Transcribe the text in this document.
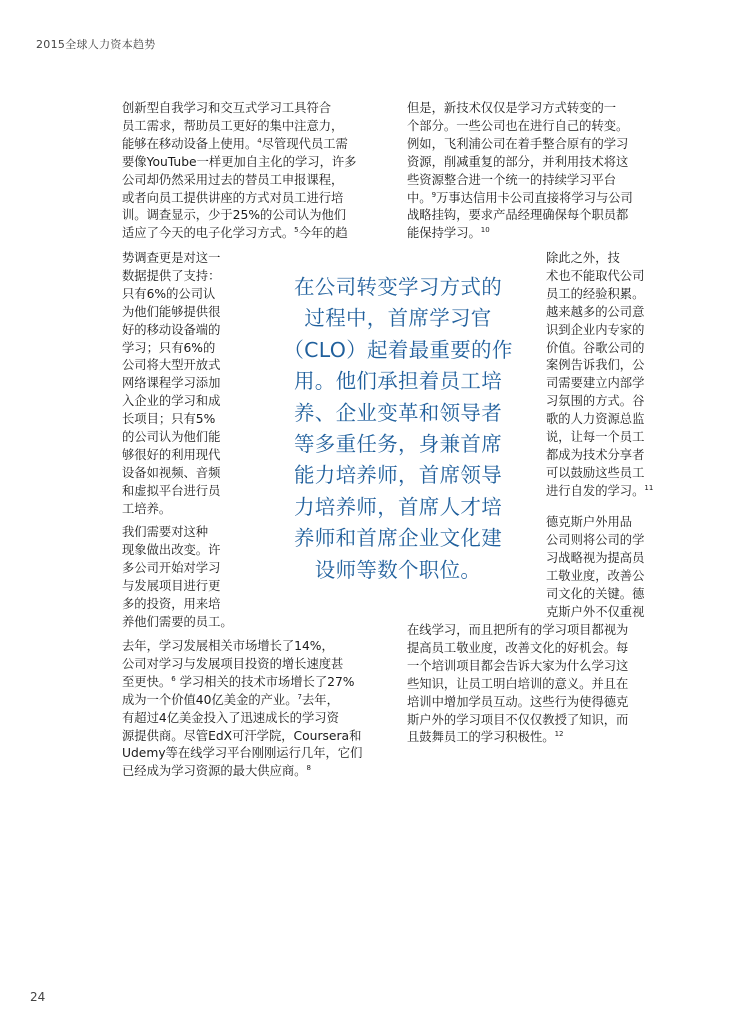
2015全球人力资本趋势

创新型自我学习和交互式学习工具符合
员工需求，帮助员工更好的集中注意力，
能够在移动设备上使用。$^4$尽管现代员工需
要像YouTube一样更加自主化的学习，许多
公司却仍然采用过去的替员工申报课程，
或者向员工提供讲座的方式对员工进行培
训。调查显示，少于25%的公司认为他们
适应了今天的电子化学习方式。$^5$今年的趋

势调查更是对这一
数据提供了支持：
只有6%的公司认
为他们能够提供很
好的移动设备端的
学习；只有6%的
公司将大型开放式
网络课程学习添加
入企业的学习和成
长项目；只有5%
的公司认为他们能
够很好的利用现代
设备如视频、音频
和虚拟平台进行员
工培养。

我们需要对这种
现象做出改变。许
多公司开始对学习
与发展项目进行更
多的投资，用来培
养他们需要的员工。

去年，学习发展相关市场增长了14%，
公司对学习与发展项目投资的增长速度甚
至更快。$^6$ 学习相关的技术市场增长了27%
成为一个价值40亿美金的产业。$^7$去年，
有超过4亿美金投入了迅速成长的学习资
源提供商。尽管EdX可汗学院，Coursera和
Udemy等在线学习平台刚刚运行几年，它们
已经成为学习资源的最大供应商。$^8$

但是，新技术仅仅是学习方式转变的一
个部分。一些公司也在进行自己的转变。
例如，飞利浦公司在着手整合原有的学习
资源，削减重复的部分，并利用技术将这
些资源整合进一个统一的持续学习平台
中。$^9$万事达信用卡公司直接将学习与公司
战略挂钩，要求产品经理确保每个职员都
能保持学习。$^{10}$

除此之外，技
术也不能取代公司
员工的经验积累。
越来越多的公司意
识到企业内专家的
价值。谷歌公司的
案例告诉我们，公
司需要建立内部学
习氛围的方式。谷
歌的人力资源总监
说，让每一个员工
都成为技术分享者
可以鼓励这些员工
进行自发的学习。$^{11}$

德克斯户外用品
公司则将公司的学
习战略视为提高员
工敬业度，改善公
司文化的关键。德
克斯户外不仅重视

在线学习，而且把所有的学习项目都视为
提高员工敬业度，改善文化的好机会。每
一个培训项目都会告诉大家为什么学习这
些知识，让员工明白培训的意义。并且在
培训中增加学员互动。这些行为使得德克
斯户外的学习项目不仅仅教授了知识，而
且鼓舞员工的学习积极性。$^{12}$

在公司转变学习方式的
过程中，首席学习官
（CLO）起着最重要的作
用。他们承担着员工培
养、企业变革和领导者
等多重任务，身兼首席
能力培养师，首席领导
力培养师，首席人才培
养师和首席企业文化建
设师等数个职位。

24
